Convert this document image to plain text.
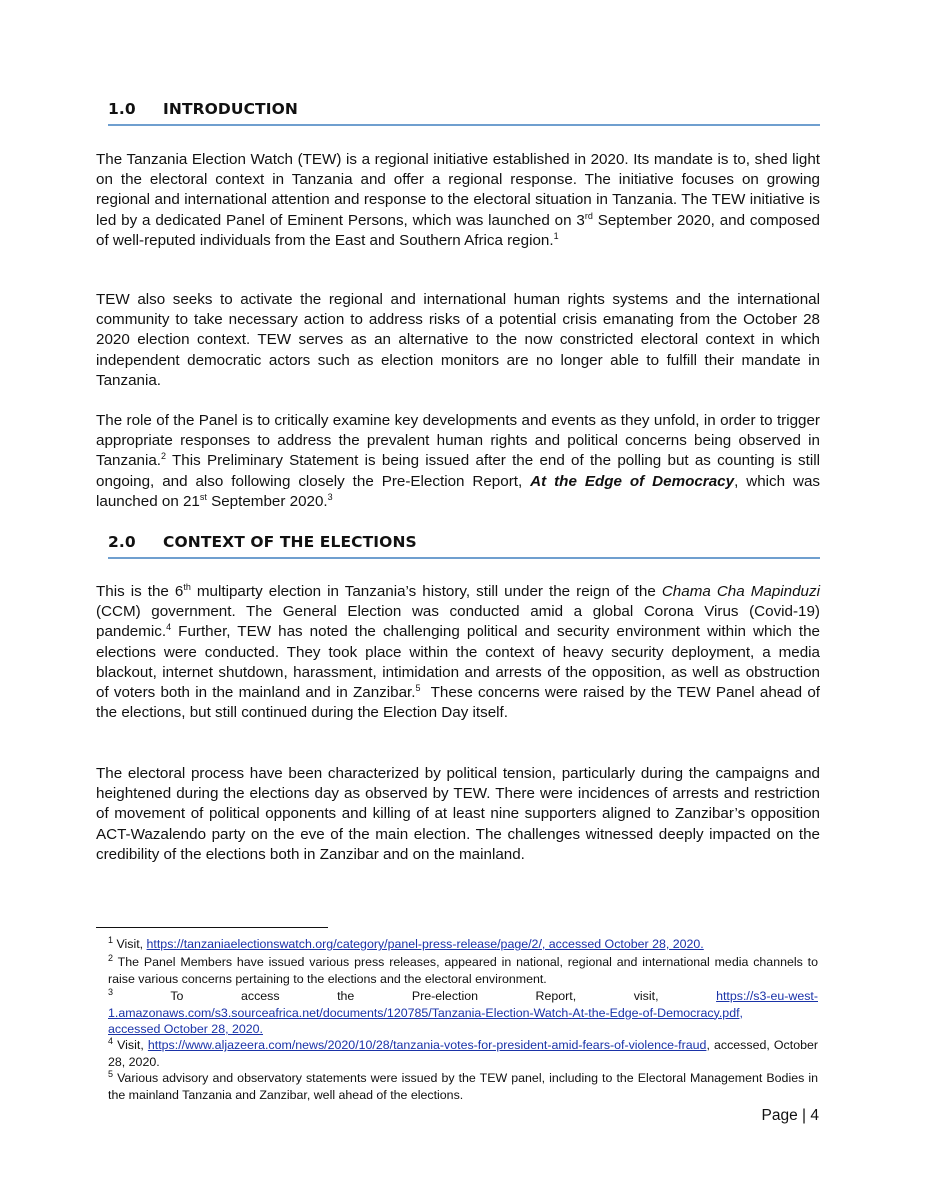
1.0	INTRODUCTION

The Tanzania Election Watch (TEW) is a regional initiative established in 2020. Its mandate is to, shed light on the electoral context in Tanzania and offer a regional response. The initiative focuses on growing regional and international attention and response to the electoral situation in Tanzania. The TEW initiative is led by a dedicated Panel of Eminent Persons, which was launched on 3rd September 2020, and composed of well-reputed individuals from the East and Southern Africa region.$^1$

TEW also seeks to activate the regional and international human rights systems and the international community to take necessary action to address risks of a potential crisis emanating from the October 28 2020 election context. TEW serves as an alternative to the now constricted electoral context in which independent democratic actors such as election monitors are no longer able to fulfill their mandate in Tanzania.

The role of the Panel is to critically examine key developments and events as they unfold, in order to trigger appropriate responses to address the prevalent human rights and political concerns being observed in Tanzania.$^2$ This Preliminary Statement is being issued after the end of the polling but as counting is still ongoing, and also following closely the Pre-Election Report, At the Edge of Democracy, which was launched on 21st September 2020.$^3$

2.0	CONTEXT OF THE ELECTIONS

This is the 6th multiparty election in Tanzania’s history, still under the reign of the Chama Cha Mapinduzi (CCM) government. The General Election was conducted amid a global Corona Virus (Covid-19) pandemic.$^4$ Further, TEW has noted the challenging political and security environment within which the elections were conducted. They took place within the context of heavy security deployment, a media blackout, internet shutdown, harassment, intimidation and arrests of the opposition, as well as obstruction of voters both in the mainland and in Zanzibar.$^5$  These concerns were raised by the TEW Panel ahead of the elections, but still continued during the Election Day itself.

The electoral process have been characterized by political tension, particularly during the campaigns and heightened during the elections day as observed by TEW. There were incidences of arrests and restriction of movement of political opponents and killing of at least nine supporters aligned to Zanzibar’s opposition ACT-Wazalendo party on the eve of the main election. The challenges witnessed deeply impacted on the credibility of the elections both in Zanzibar and on the mainland.

$^1$ Visit, https://tanzaniaelectionswatch.org/category/panel-press-release/page/2/, accessed October 28, 2020.
$^2$ The Panel Members have issued various press releases, appeared in national, regional and international media channels to raise various concerns pertaining to the elections and the electoral environment.
$^3$ To access the Pre-election Report, visit, https://s3-eu-west-
1.amazonaws.com/s3.sourceafrica.net/documents/120785/Tanzania-Election-Watch-At-the-Edge-of-Democracy.pdf,
accessed October 28, 2020.
$^4$ Visit, https://www.aljazeera.com/news/2020/10/28/tanzania-votes-for-president-amid-fears-of-violence-fraud, accessed, October 28, 2020.
$^5$ Various advisory and observatory statements were issued by the TEW panel, including to the Electoral Management Bodies in the mainland Tanzania and Zanzibar, well ahead of the elections.
Page | 4
